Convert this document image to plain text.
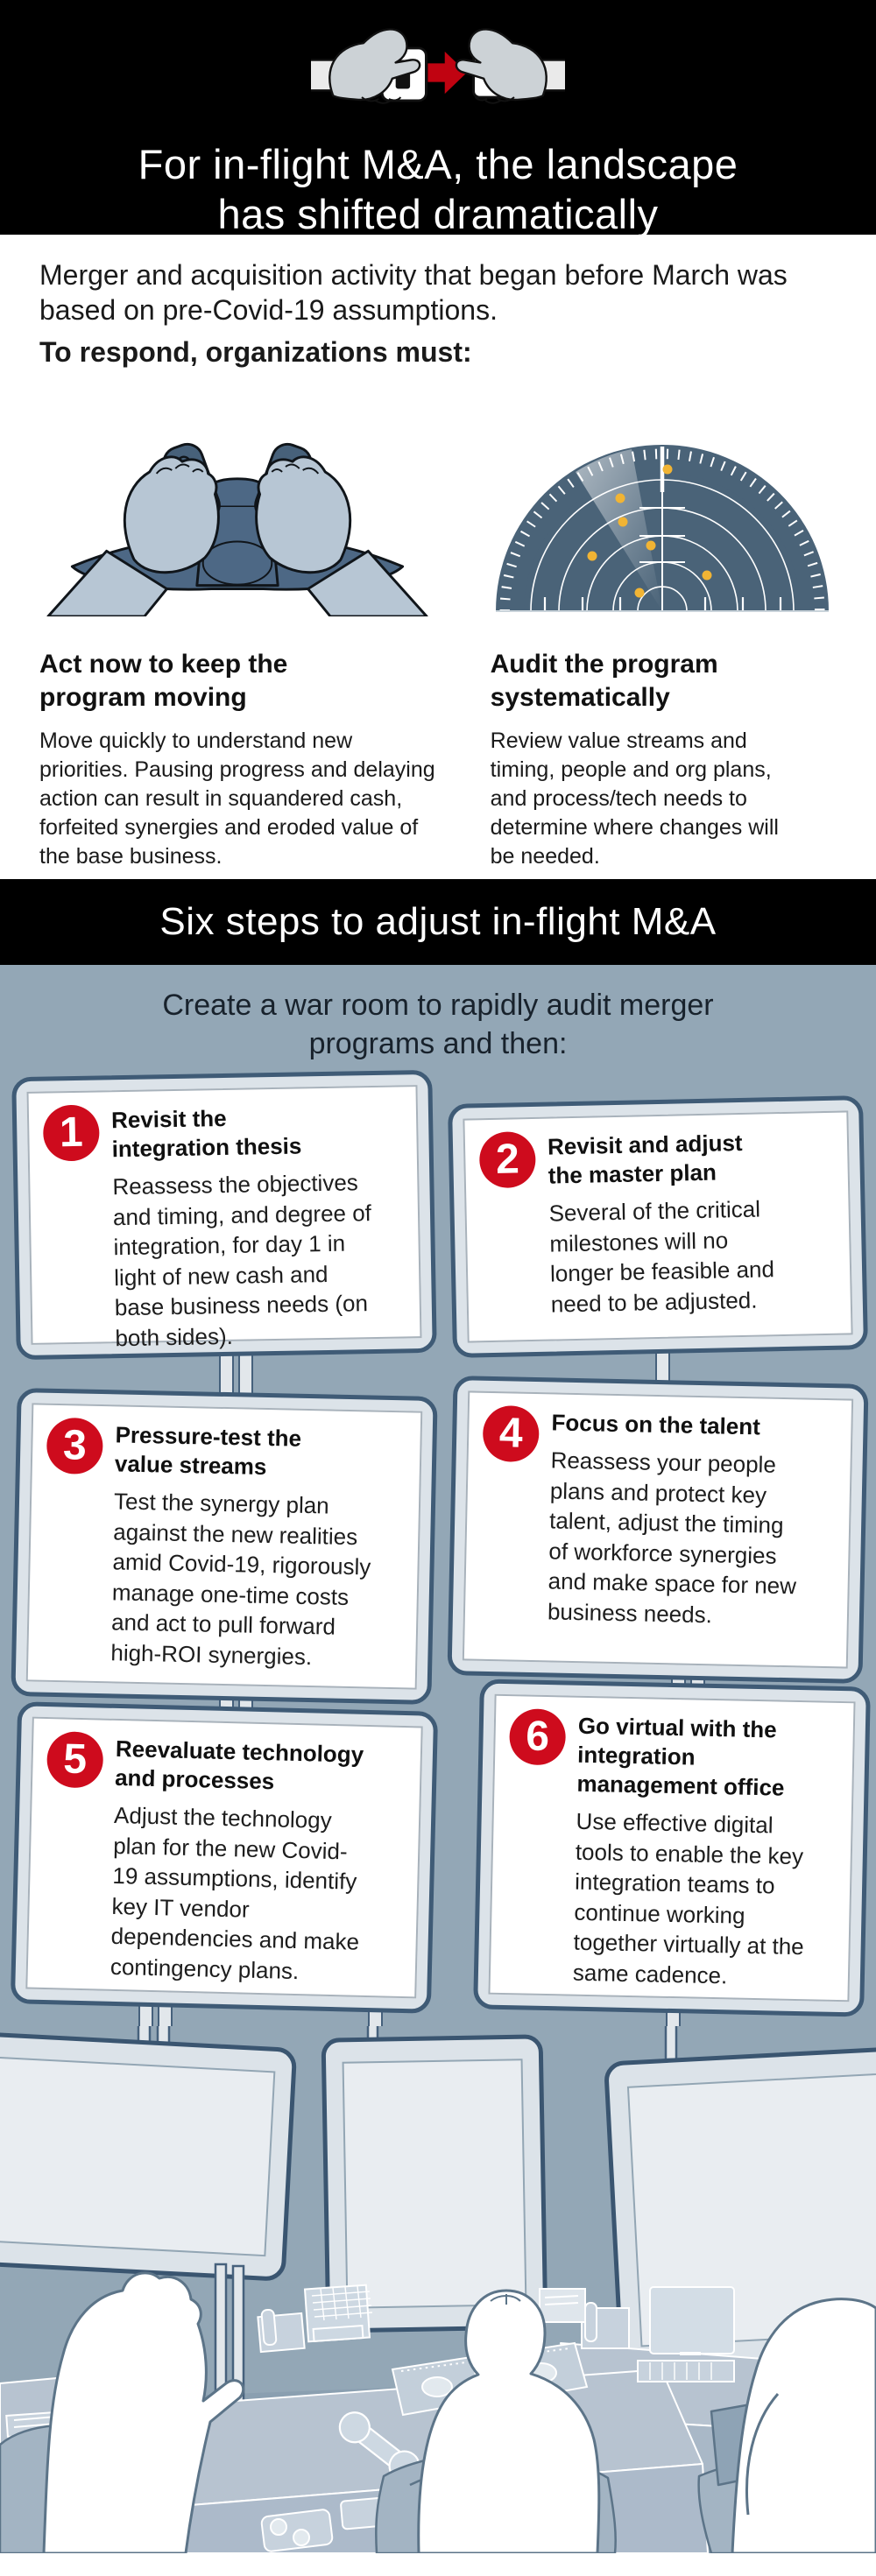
For in-flight M&A, the landscape
has shifted dramatically

Merger and acquisition activity that began before March was based on pre-Covid-19 assumptions.

To respond, organizations must:

Act now to keep the program moving

Move quickly to understand new priorities. Pausing progress and delaying action can result in squandered cash, forfeited synergies and eroded value of the base business.

Audit the program systematically

Review value streams and timing, people and org plans, and process/tech needs to determine where changes will be needed.

Six steps to adjust in-flight M&A

Create a war room to rapidly audit merger programs and then:

1	Revisit the integration thesis

Reassess the objectives and timing, and degree of integration, for day 1 in light of new cash and base business needs (on both sides).

2	Revisit and adjust the master plan

Several of the critical milestones will no longer be feasible and need to be adjusted.

3	Pressure-test the value streams

Test the synergy plan against the new realities amid Covid-19, rigorously manage one-time costs and act to pull forward high-ROI synergies.

4	Focus on the talent

Reassess your people plans and protect key talent, adjust the timing of workforce synergies and make space for new business needs.

5	Reevaluate technology and processes

Adjust the technology plan for the new Covid-19 assumptions, identify key IT vendor dependencies and make contingency plans.

6	Go virtual with the integration management office

Use effective digital tools to enable the key integration teams to continue working together virtually at the same cadence.
